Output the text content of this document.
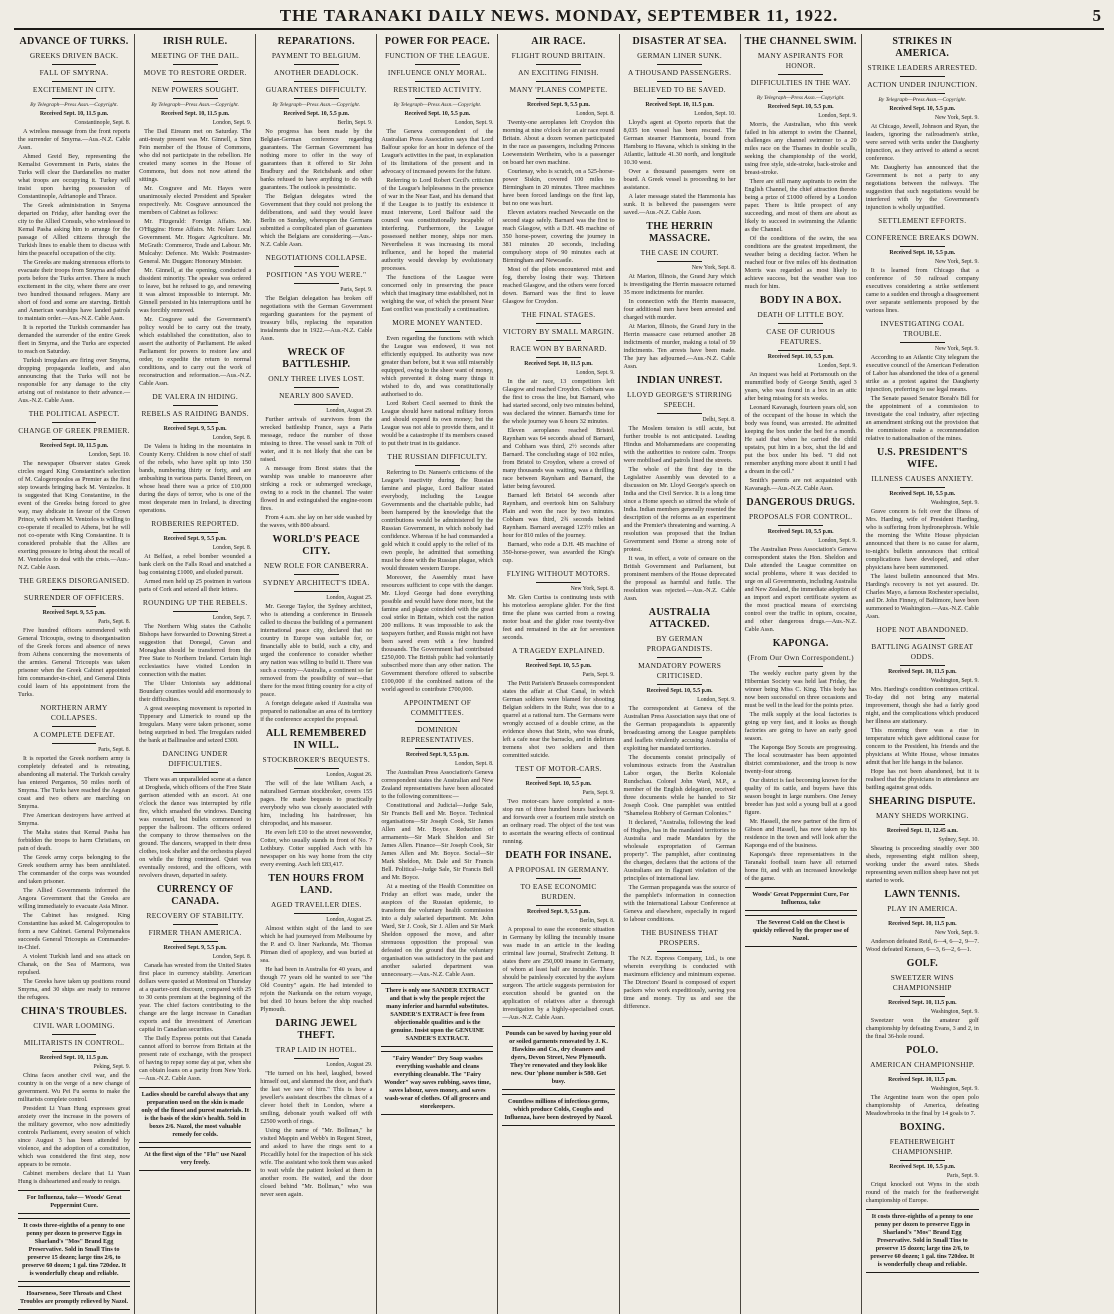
THE TARANAKI DAILY NEWS. MONDAY, SEPTEMBER 11, 1922.	5
ADVANCE OF TURKS.
GREEKS DRIVEN BACK.
FALL OF SMYRNA.
EXCITEMENT IN CITY.
By Telegraph—Press Assn.—Copyright.
Received Sept. 10, 11.5 p.m.
Constantinople, Sept. 8.

A wireless message from the front reports the surrender of Smyrna.—Aus.-N.Z. Cable Assn.

Ahmed Greid Bey, representing the Kemalist Government in Paris, states the Turks will clear the Dardanelles no matter what troops are occupying it. Turkey will insist upon having possession of Constantinople, Adrianople and Thrace.

The Greek administration in Smyrna departed on Friday, after handing over the city to the Allied Consuls, who wirelessed to Kemal Pasha asking him to arrange for the passage of Allied citizens through the Turkish lines to enable them to discuss with him the peaceful occupation of the city.

The Greeks are making strenuous efforts to evacuate their troops from Smyrna and other ports before the Turks arrive. There is much excitement in the city, where there are over two hundred thousand refugees. Many are short of food and some are starving. British and American warships have landed patrols to maintain order.—Aus.-N.Z. Cable Assn.

It is reported the Turkish commander has demanded the surrender of the entire Greek fleet in Smyrna, and the Turks are expected to reach on Saturday.

Turkish irregulars are firing over Smyrna, dropping propaganda leaflets, and also announcing that the Turks will not be responsible for any damage to the city arising out of resistance to their advance.—Aus.-N.Z. Cable Assn.

THE POLITICAL ASPECT.
CHANGE OF GREEK PREMIER.
Received Sept. 10, 11.5 p.m.
London, Sept. 10.

The newspaper Observer states Greek circles regard King Constantine's selection of M. Calogeropoulos as Premier as the first step towards bringing back M. Venizelos. It is suggested that King Constantine, in the event of the Greeks being forced to give way, may abdicate in favour of the Crown Prince, with whom M. Venizelos is willing to co-operate if recalled to Athens, but he will not co-operate with King Constantine. It is considered probable that the Allies are exerting pressure to bring about the recall of M. Venizelos to deal with the crisis.—Aus.-N.Z. Cable Assn.

THE GREEKS DISORGANISED.
SURRENDER OF OFFICERS.
Received Sept. 9, 5.5 p.m.
Paris, Sept. 8.

Five hundred officers surrendered with General Tricoupis, owing to disorganisation of the Greek forces and absence of news from Athens concerning the movements of the armies. General Tricoupis was taken prisoner when the Greek Cabinet appointed him commander-in-chief, and General Dinis could learn of his appointment from the Turks.

NORTHERN ARMY COLLAPSES.
A COMPLETE DEFEAT.
Paris, Sept. 8.

It is reported the Greek northern army is completely defeated and is retreating, abandoning all material. The Turkish cavalry has entered Pergamos, 50 miles north of Smyrna. The Turks have reached the Aegean coast and two others are marching on Smyrna.

Five American destroyers have arrived at Smyrna.

The Malta states that Kemal Pasha has forbidden the troops to harm Christians, on pain of death.

The Greek army corps belonging to the Greek southern army has been annihilated. The commander of the corps was wounded and taken prisoner.

The Allied Governments informed the Angora Government that the Greeks are willing immediately to evacuate Asia Minor.

The Cabinet has resigned. King Constantine has asked M. Calogeropoulos to form a new Cabinet. General Polymenakos succeeds General Tricoupis as Commander-in-Chief.

A violent Turkish land and sea attack on Chanak, on the Sea of Marmora, was repulsed.

The Greeks have taken up positions round Smyrna, and 30 ships are ready to remove the refugees.

CHINA'S TROUBLES.
CIVIL WAR LOOMING.
MILITARISTS IN CONTROL.
Received Sept. 10, 11.5 p.m.
Peking, Sept. 9.

China faces another civil war, and the country is on the verge of a new change of government. Wu Pei Fu seems to make the militarists complete control.

President Li Yuan Hung expresses great anxiety over the increase in the powers of the military governor, who now admittedly controls Parliament, every session of which since August 3 has been attended by violence, and the adoption of a constitution, which was considered the first step, now appears to be remote.

Cabinet members declare that Li Yuan Hung is disheartened and ready to resign.

For Influenza, take— Woods' Great Peppermint Cure.
It costs three-eighths of a penny to one penny per dozen to preserve Eggs in Sharland's "Mos" Brand Egg Preservative. Sold in Small Tins to preserve 15 dozen; large tins 2/6, to preserve 60 dozen; 1 gal. tins 720doz. It is wonderfully cheap and reliable.
Hoarseness, Sore Throats and Chest Troubles are promptly relieved by Nazol.
IRISH RULE.
MEETING OF THE DAIL.
MOVE TO RESTORE ORDER.
NEW POWERS SOUGHT.
By Telegraph—Press Assn.—Copyright.
Received Sept. 10, 11.5 p.m.
London, Sept. 9.

The Dail Eireann met on Saturday. The anti-treaty present was Mr. Ginnell, a Sinn Fein member of the House of Commons, who did not participate in the rebellion. He created many scenes in the House of Commons, but does not now attend the sittings.

Mr. Cosgrave and Mr. Hayes were unanimously elected President and Speaker respectively. Mr. Cosgrave announced the members of Cabinet as follows:

Mr. Fitzgerald: Foreign Affairs. Mr. O'Higgins: Home Affairs. Mr. Nolan: Local Government. Mr. Hogan: Agriculture. Mr. McGrath: Commerce, Trade and Labour. Mr. Mulcahy: Defence. Mr. Walsh: Postmaster-General. Mr. Duggan: Honorary Minister.

Mr. Ginnell, at the opening, conducted a dissident minority. The speaker was ordered to leave, but he refused to go, and renewing it was almost impossible to interrupt. Mr. Ginnell persisted in his interruptions until he was forcibly removed.

Mr. Cosgrave said the Government's policy would be to carry out the treaty, which established the constitution, also to assert the authority of Parliament. He asked Parliament for powers to restore law and order, to expedite the return to normal conditions, and to carry out the work of reconstruction and reformation.—Aus.-N.Z. Cable Assn.

DE VALERA IN HIDING.
REBELS AS RAIDING BANDS.
Received Sept. 9, 5.5 p.m.
London, Sept. 8.

De Valera is hiding in the mountains in County Kerry. Children is now chief of staff of the rebels, who have split up into 150 bands, numbering thirty or forty, and are ambushing in various parts. Daniel Breen, on whose head there was a price of £10,000 during the days of terror, who is one of the most desperate men in Ireland, is directing operations.

ROBBERIES REPORTED.
Received Sept. 9, 5.5 p.m.
London, Sept. 8.

At Belfast, a rebel bomber wounded a bank clerk on the Falls Road and snatched a bag containing £1000, and eluded pursuit.

Armed men held up 25 postmen in various parts of Cork and seized all their letters.

ROUNDING UP THE REBELS.
London, Sept. 7.

The Northern Whig states the Catholic Bishops have forwarded to Downing Street a suggestion that Donegal, Cavan and Monaghan should be transferred from the Free State to Northern Ireland. Certain high ecclesiastics have visited London in connection with the matter.

The Ulster Unionists say additional Boundary counties would add enormously to their difficulties.

A great sweeping movement is reported in Tipperary and Limerick to round up the Irregulars. Many were taken prisoner, some being surprised in bed. The Irregulars raided the bank at Ballinasloe and seized £300.

DANCING UNDER DIFFICULTIES.

There was an unparalleled scene at a dance at Drogheda, which officers of the Free State garrison attended with an escort. At one o'clock the dance was interrupted by rifle fire, which smashed the windows. Dancing was resumed, but bullets commenced to pepper the ballroom. The officers ordered the company to throw themselves on the ground. The dancers, wrapped in their dress clothes, took shelter and the orchestra played on while the firing continued. Quiet was eventually restored, and the officers, with revolvers drawn, departed in safety.

CURRENCY OF CANADA.
RECOVERY OF STABILITY.
FIRMER THAN AMERICA.
Received Sept. 9, 5.5 p.m.
London, Sept. 8.

Canada has wrested from the United States first place in currency stability. American dollars were quoted at Montreal on Thursday at a quarter-cent discount, compared with 25 to 30 cents premium at the beginning of the year. The chief factors contributing to the change are the large increase in Canadian exports and the investment of American capital in Canadian securities.

The Daily Express points out that Canada cannot afford to borrow from Britain at the present rate of exchange, with the prospect of having to repay some day at par, when she can obtain loans on a parity from New York.—Aus.-N.Z. Cable Assn.

Ladies should be careful always that any preparation used on the skin is made only of the finest and purest materials. It is the basis of the skin's health. Sold in boxes 2/6. Nazol, the most valuable remedy for colds.
At the first sign of the "Flu" use Nazol very freely.
REPARATIONS.
PAYMENT TO BELGIUM.
ANOTHER DEADLOCK.
GUARANTEES DIFFICULTY.
By Telegraph—Press Assn.—Copyright.
Received Sept. 10, 5.5 p.m.
Berlin, Sept. 9.

No progress has been made by the Belgian-German conference regarding guarantees. The German Government has nothing more to offer in the way of guarantees than it offered to Sir John Bradbury and the Reichsbank and other banks refused to have anything to do with guarantees. The outlook is pessimistic.

The Belgian delegates wired the Government that they could not prolong the deliberations, and said they would leave Berlin on Sunday, whereupon the Germans submitted a complicated plan of guarantees which the Belgians are considering.—Aus.-N.Z. Cable Assn.

NEGOTIATIONS COLLAPSE.
POSITION "AS YOU WERE."
Paris, Sept. 9.

The Belgian delegation has broken off negotiations with the German Government regarding guarantees for the payment of treasury bills, replacing the reparation instalments due in 1922.—Aus.-N.Z. Cable Assn.

WRECK OF BATTLESHIP.
ONLY THREE LIVES LOST.
NEARLY 800 SAVED.
London, August 29.

Further arrivals of survivors from the wrecked battleship France, says a Paris message, reduce the number of those missing to three. The vessel sank in 70ft of water, and it is not likely that she can be raised.

A message from Brest states that the warship was unable to manoeuvre after striking a rock or submerged wreckage, owing to a rock in the channel. The water flowed in and extinguished the engine-room fires.

From 4 a.m. she lay on her side washed by the waves, with 800 aboard.

WORLD'S PEACE CITY.
NEW ROLE FOR CANBERRA.
SYDNEY ARCHITECT'S IDEA.
London, August 25.

Mr. George Taylor, the Sydney architect, who is attending a conference in Brussels called to discuss the building of a permanent international peace city, declared that no country in Europe was suitable for, or financially able to build, such a city, and urged the conference to consider whether any nation was willing to build it. There was such a country—Australia, a continent so far removed from the possibility of war—that there for the most fitting country for a city of peace.

A foreign delegate asked if Australia was prepared to nationalise an area of its territory if the conference accepted the proposal.

ALL REMEMBERED IN WILL.
STOCKBROKER'S BEQUESTS.
London, August 26.

The will of the late William Asch, a naturalised German stockbroker, covers 155 pages. He made bequests to practically everybody who was closely associated with him, including his hairdresser, his chiropodist, and his masseur.

He even left £10 to the street newsvendor, Cotter, who usually stands in front of No. 7 Lothbury. Cotter supplied Asch with his newspaper on his way home from the city every evening. Asch left £83,417.

TEN HOURS FROM LAND.
AGED TRAVELLER DIES.
London, August 25.

Almost within sight of the land to see which he had journeyed from Melbourne by the P. and O. liner Narkunda, Mr. Thomas Pitman died of apoplexy, and was buried at sea.

He had been in Australia for 40 years, and though 77 years old he wanted to see "the Old Country" again. He had intended to rejoin the Narkunda on the return voyage, but died 10 hours before the ship reached Plymouth.

DARING JEWEL THEFT.
TRAP LAID IN HOTEL.
London, August 29.

"He turned on his heel, laughed, bowed himself out, and slammed the door, and that's the last we saw of him." This is how a jeweller's assistant describes the climax of a clever hotel theft in London, where a smiling, debonair youth walked off with £2500 worth of rings.

Using the name of "Mr. Bollman," he visited Mappin and Webb's in Regent Street, and asked to have the rings sent to a Piccadilly hotel for the inspection of his sick wife. The assistant who took them was asked to wait while the patient looked at them in another room. He waited, and the door closed behind "Mr. Bollman," who was never seen again.

POWER FOR PEACE.
FUNCTION OF THE LEAGUE.
INFLUENCE ONLY MORAL.
RESTRICTED ACTIVITY.
By Telegraph—Press Assn.—Copyright.
Received Sept. 10, 5.5 p.m.
London, Sept. 9.

The Geneva correspondent of the Australian Press Association says that Lord Balfour spoke for an hour in defence of the League's activities in the past, in explanation of its limitations of the present and in advocacy of increased powers for the future.

Referring to Lord Robert Cecil's criticism of the League's helplessness in the presence of war in the Near East, and his demand that if the League is to justify its existence it must intervene, Lord Balfour said the council was constitutionally incapable of interfering. Furthermore, the League possessed neither money, ships nor men. Nevertheless it was increasing its moral influence, and he hoped the material authority would develop by evolutionary processes.

The functions of the League were concerned only in preserving the peace which that imaginary time established, not in weighing the war, of which the present Near East conflict was practically a continuation.

MORE MONEY WANTED.

Even regarding the functions with which the League was endowed, it was not efficiently equipped. Its authority was now greater than before, but it was still miserably equipped, owing to the sheer want of money, which prevented it doing many things it wished to do, and was constitutionally authorised to do.

Lord Robert Cecil seemed to think the League should have national military forces and should expend its own money; but the League was not able to provide them, and it would be a catastrophe if its members ceased to put their trust in its guidance.

THE RUSSIAN DIFFICULTY.

Referring to Dr. Nansen's criticisms of the League's inactivity during the Russian famine and plague, Lord Balfour stated everybody, including the League Governments and the charitable public, had been hampered by the knowledge that the contributions would be administered by the Russian Government, in which nobody had confidence. Whereas if he had commanded a gold which it could apply to the relief of its own people, he admitted that something must be done with the Russian plague, which would threaten western Europe.

Moreover, the Assembly must have resources sufficient to cope with the danger. Mr. Lloyd George had done everything possible and would have done more, but the famine and plague coincided with the great coal strike in Britain, which cost the nation 200 millions. It was impossible to ask the taxpayers further, and Russia might not have been saved even with a few hundred thousands. The Government had contributed £250,000. The British public had voluntarily subscribed more than any other nation. The Government therefore offered to subscribe £100,000 if the combined nations of the world agreed to contribute £700,000.

APPOINTMENT OF COMMITTEES.
DOMINION REPRESENTATIVES.
Received Sept. 9, 5.5 p.m.
London, Sept. 8.

The Australian Press Association's Geneva correspondent states the Australian and New Zealand representatives have been allocated to the following committees:—

Constitutional and Judicial—Judge Sale, Sir Francis Bell and Mr. Boyce. Technical organisations—Sir Joseph Cook, Sir James Allen and Mr. Boyce. Reduction of armaments—Sir Mark Sheldon and Sir James Allen. Finance—Sir Joseph Cook, Sir James Allen and Mr. Boyce. Social—Sir Mark Sheldon, Mr. Dale and Sir Francis Bell. Political—Judge Sale, Sir Francis Bell and Mr. Boyce.

At a meeting of the Health Committee on Friday an effort was made, under the auspices of the Russian epidemic, to transform the voluntary health commission into a duly salaried department. Mr. John Ward, Sir J. Cook, Sir J. Allen and Sir Mark Sheldon opposed the move, and after strenuous opposition the proposal was defeated on the ground that the voluntary organisation was satisfactory in the past and another salaried department was unnecessary.—Aus.-N.Z. Cable Assn.

There is only one SANDER EXTRACT and that is why the people reject the many inferior and harmful substitutes. SANDER'S EXTRACT is free from objectionable qualities and is the genuine. Insist upon the GENUINE SANDER'S EXTRACT.
"Fairy Wonder" Dry Soap washes everything washable and cleans everything cleanable. The "Fairy Wonder" way saves rubbing, saves time, saves labour, saves money, and saves wash-wear of clothes. Of all grocers and storekeepers.
AIR RACE.
FLIGHT ROUND BRITAIN.
AN EXCITING FINISH.
MANY 'PLANES COMPETE.
Received Sept. 9, 5.5 p.m.
London, Sept. 8.

Twenty-one aeroplanes left Croydon this morning at nine o'clock for an air race round Britain. About a dozen women participated in the race as passengers, including Princess Loewenstein Wertheim, who is a passenger on board her own machine.

Courtenay, who is scratch, on a 525-horse-power Siskin, covered 100 miles to Birmingham in 20 minutes. Three machines have been forced landings on the first lap, but no one was hurt.

Eleven aviators reached Newcastle on the second stage safely. Barnard was the first to reach Glasgow, with a D.H. 4B machine of 350 horse-power, covering the journey in 381 minutes 20 seconds, including compulsory stops of 90 minutes each at Birmingham and Newcastle.

Most of the pilots encountered mist and fog, thereby losing their way. Thirteen reached Glasgow, and the others were forced down. Barnard was the first to leave Glasgow for Croydon.

THE FINAL STAGES.
VICTORY BY SMALL MARGIN.
RACE WON BY BARNARD.
Received Sept. 10, 11.5 p.m.
London, Sept. 9.

In the air race, 13 competitors left Glasgow and reached Croydon. Cobham was the first to cross the line, but Barnard, who had started second, only two minutes behind, was declared the winner. Barnard's time for the whole journey was 6 hours 32 minutes.

Eleven aeroplanes reached Bristol. Raynham was 64 seconds ahead of Barnard, and Cobham was third, 2½ seconds after Barnard. The concluding stage of 102 miles, from Bristol to Croydon, where a crowd of many thousands was waiting, was a thrilling race between Raynham and Barnard, the latter being favoured.

Barnard left Bristol 64 seconds after Raynham, and overtook him on Salisbury Plain and won the race by two minutes. Cobham was third, 2¾ seconds behind Raynham. Barnard averaged 123½ miles an hour for 810 miles of the journey.

Barnard, who rode a D.H. 4B machine of 350-horse-power, was awarded the King's cup.

FLYING WITHOUT MOTORS.
New York, Sept. 8.

Mr. Glen Curtiss is continuing tests with his motorless aeroplane glider. For the first time the plane was carried from a rowing motor boat and the glider rose twenty-five feet and remained in the air for seventeen seconds.

A TRAGEDY EXPLAINED.
Received Sept. 10, 5.5 p.m.
Paris, Sept. 9.

The Petit Parisien's Brussels correspondent states the affair at Chat Canal, in which German soldiers were blamed for shooting Belgian soldiers in the Ruhr, was due to a quarrel at a rational turn. The Germans were wrongly accused of a double crime, as the evidence shows that Stein, who was drunk, left a cafe near the barracks, and in delirium tremens shot two soldiers and then committed suicide.

TEST OF MOTOR-CARS.
Received Sept. 10, 5.5 p.m.
Paris, Sept. 9.

Two motor-cars have completed a non-stop run of three hundred hours backwards and forwards over a fourteen mile stretch on an ordinary road. The object of the test was to ascertain the wearing effects of continual running.

DEATH FOR INSANE.
A PROPOSAL IN GERMANY.
TO EASE ECONOMIC BURDEN.
Received Sept. 9, 5.5 p.m.
Berlin, Sept. 8.

A proposal to ease the economic situation in Germany by killing the incurably insane was made in an article in the leading criminal law journal, Strafrecht Zeitung. It states there are 250,000 insane in Germany, of whom at least half are incurable. These should be painlessly executed by the asylum surgeon. The article suggests permission for execution should be granted on the application of relatives after a thorough investigation by a highly-specialised court.—Aus.-N.Z. Cable Assn.

Pounds can be saved by having your old or soiled garments renovated by J. K. Hawkins and Co., dry cleaners and dyers, Devon Street, New Plymouth. They're renovated and they look like new. Our 'phone number is 580. Get busy.
Countless millions of infectious germs, which produce Colds, Coughs and Influenza, have been destroyed by Nazol.
DISASTER AT SEA.
GERMAN LINER SUNK.
A THOUSAND PASSENGERS.
BELIEVED TO BE SAVED.
Received Sept. 10, 11.5 p.m.
London, Sept. 10.

Lloyd's agent at Oporto reports that the 8,035 ton vessel has been rescued. The German steamer Hammonia, bound from Hamburg to Havana, which is sinking in the Atlantic, latitude 41.30 north, and longitude 10.30 west.

Over a thousand passengers were on board. A Greek vessel is proceeding to her assistance.

A later message stated the Hammonia has sunk. It is believed the passengers were saved.—Aus.-N.Z. Cable Assn.

THE HERRIN MASSACRE.
THE CASE IN COURT.
New York, Sept. 8.

At Marion, Illinois, the Grand Jury which is investigating the Herrin massacre returned 35 more indictments for murder.

In connection with the Herrin massacre, four additional men have been arrested and charged with murder.

At Marion, Illinois, the Grand Jury in the Herrin massacre case returned another 28 indictments of murder, making a total of 59 indictments. Ten arrests have been made. The jury has adjourned.—Aus.-N.Z. Cable Assn.

INDIAN UNREST.
LLOYD GEORGE'S STIRRING SPEECH.
Delhi, Sept. 8.

The Moslem tension is still acute, but further trouble is not anticipated. Leading Hindus and Mohammedans are cooperating with the authorities to restore calm. Troops were mobilised and patrols lined the streets.

The whole of the first day in the Legislative Assembly was devoted to a discussion on Mr. Lloyd George's speech on India and the Civil Service. It is a long time since a Home speech so stirred the whole of India. Indian members generally resented the description of the reforms as an experiment and the Premier's threatening and warning. A resolution was proposed that the Indian Government send Home a strong note of protest.

It was, in effect, a vote of censure on the British Government and Parliament, but prominent members of the House deprecated the proposal as harmful and futile. The resolution was rejected.—Aus.-N.Z. Cable Assn.

AUSTRALIA ATTACKED.
BY GERMAN PROPAGANDISTS.
MANDATORY POWERS CRITICISED.
Received Sept. 10, 5.5 p.m.
London, Sept. 9.

The correspondent at Geneva of the Australian Press Association says that one of the German propagandists is apparently broadcasting among the League pamphlets and leaflets virulently accusing Australia of exploiting her mandated territories.

The documents consist principally of voluminous extracts from the Australian Labor organ, the Berlin Koloniale Rundschau. Colonel John Ward, M.P., a member of the English delegation, received three documents while he handed to Sir Joseph Cook. One pamphlet was entitled "Shameless Robbery of German Colonies."

It declared, "Australia, following the lead of Hughes, has in the mandated territories to Australia and made Mandates by the wholesale expropriation of German property". The pamphlet, after continuing the charges, declares that the actions of the Australians are in flagrant violation of the principles of international law.

The German propaganda was the source of the pamphlet's information in connection with the International Labour Conference at Geneva and elsewhere, especially in regard to labour conditions.

THE BUSINESS THAT PROSPERS.

The N.Z. Express Company, Ltd., is one wherein everything is conducted with maximum efficiency and minimum expense. The Directors' Board is composed of expert packers who work expeditiously, saving you time and money. Try us and see the difference.

THE CHANNEL SWIM.
MANY ASPIRANTS FOR HONOR.
DIFFICULTIES IN THE WAY.
By Telegraph—Press Assn.—Copyright.
Received Sept. 10, 5.5 p.m.
London, Sept. 9.

Morris, the Australian, who this week failed in his attempt to swim the Channel, challenges any channel swimmer to a 20 miles race on the Thames in double sculls, seeking the championship of the world, using free style, side-stroke, back-stroke and breast-stroke.

There are still many aspirants to swim the English Channel, the chief attraction thereto being a prize of £1000 offered by a London paper. There is little prospect of any succeeding, and most of them are about as likely to succeed in swimming the Atlantic as the Channel.

Of the conditions of the swim, the sea conditions are the greatest impediment, the weather being a deciding factor. When he reached four or five miles off his destination Morris was regarded as most likely to achieve success, but the weather was too much for him.

BODY IN A BOX.
DEATH OF LITTLE BOY.
CASE OF CURIOUS FEATURES.
Received Sept. 10, 5.5 p.m.
London, Sept. 9.

An inquest was held at Portsmouth on the mummified body of George Smith, aged 3 years, who was found in a box in an attic after being missing for six weeks.

Leonard Kavanagh, fourteen years old, son of the occupant of the house in which the body was found, was arrested. He admitted keeping the box under the bed for a month. He said that when he carried the child upstairs, put him in a box, shut the lid and put the box under his bed. "I did not remember anything more about it until I had a dream in the cell."

Smith's parents are not acquainted with Kavanagh.—Aus.-N.Z. Cable Assn.

DANGEROUS DRUGS.
PROPOSALS FOR CONTROL.
Received Sept. 10, 5.5 p.m.
London, Sept. 9.

The Australian Press Association's Geneva correspondent states the Hon. Sheldon and Dale attended the League committee on social problems, where it was decided to urge on all Governments, including Australia and New Zealand, the immediate adoption of an import and export certificate system as the most practical means of exercising control over the traffic in opium, cocaine, and other dangerous drugs.—Aus.-N.Z. Cable Assn.

KAPONGA.
(From Our Own Correspondent.)

The weekly euchre party given by the Hibernian Society was held last Friday, the winner being Miss C. King. This body has now been successful on three occasions and must be well in the lead for the points prize.

The milk supply at the local factories is going up very fast, and it looks as though factories are going to have an early good season.

The Kaponga Boy Scouts are progressing. The local scoutmaster has been appointed district commissioner, and the troop is now twenty-four strong.

Our district is fast becoming known for the quality of its cattle, and buyers have this season bought in large numbers. One Jersey breeder has just sold a young bull at a good figure.

Mr. Hassell, the new partner of the firm of Gibson and Hassell, has now taken up his residence in the town and will look after the Kaponga end of the business.

Kaponga's three representatives in the Taranaki football team have all returned home fit, and with an increased knowledge of the game.

Woods' Great Peppermint Cure, For Influenza, take
The Severest Cold on the Chest is quickly relieved by the proper use of Nazol.
STRIKES IN AMERICA.
STRIKE LEADERS ARRESTED.
ACTION UNDER INJUNCTION.
By Telegraph—Press Assn.—Copyright.
Received Sept. 10, 5.5 p.m.
New York, Sept. 9.

At Chicago, Jewell, Johnson and Ryan, the leaders, ignoring the railroadmen's strike, were served with writs under the Daugherty injunction, as they arrived to attend a secret conference.

Mr. Daugherty has announced that the Government is not a party to any negotiations between the railways. The suggestion that such negotiations would be interfered with by the Government's injunction is wholly unjustified.

SETTLEMENT EFFORTS.
CONFERENCE BREAKS DOWN.
Received Sept. 10, 5.5 p.m.
New York, Sept. 9.

It is learned from Chicago that a conference of 50 railroad company executives considering a strike settlement came to a sudden end through a disagreement over separate settlements proposed by the various lines.

INVESTIGATING COAL TROUBLE.
New York, Sept. 9.

According to an Atlantic City telegram the executive council of the American Federation of Labor has abandoned the idea of a general strike as a protest against the Daugherty injunction, preferring to use legal means.

The Senate passed Senator Borah's Bill for the appointment of a commission to investigate the coal industry, after rejecting an amendment striking out the provision that the commission make a recommendation relative to nationalisation of the mines.

U.S. PRESIDENT'S WIFE.
ILLNESS CAUSES ANXIETY.
Received Sept. 10, 5.5 p.m.
Washington, Sept. 9.

Grave concern is felt over the illness of Mrs. Harding, wife of President Harding, who is suffering from hydronephrosis. While the morning the White House physician announced that there is no cause for alarm, to-night's bulletin announces that critical complications have developed, and other physicians have been summoned.

The latest bulletin announced that Mrs. Harding's recovery is not yet assured. Dr. Charles Mayo, a famous Rochester specialist, and Dr. John Finney, of Baltimore, have been summoned to Washington.—Aus.-N.Z. Cable Assn.

HOPE NOT ABANDONED.
BATTLING AGAINST GREAT ODDS.
Received Sept. 10, 11.5 p.m.
Washington, Sept. 9.

Mrs. Harding's condition continues critical. To-day did not bring any material improvement, though she had a fairly good night, and the complications which produced her illness are stationary.

This morning there was a rise in temperature which gave additional cause for concern to the President, his friends and the physicians at White House, whose inmates admit that her life hangs in the balance.

Hope has not been abandoned, but it is realised that the physicians in attendance are battling against great odds.

SHEARING DISPUTE.
MANY SHEDS WORKING.
Received Sept. 11, 12.45 a.m.
Sydney, Sept. 10.

Shearing is proceeding steadily over 300 sheds, representing eight million sheep, working under the award rates. Sheds representing seven million sheep have not yet started to work.

LAWN TENNIS.
PLAY IN AMERICA.
Received Sept. 10, 11.5 p.m.
New York, Sept. 9.

Anderson defeated Reid, 6—4, 6—2, 9—7. Wood defeated Kenson, 6—3, 6—2, 6—1.

GOLF.
SWEETZER WINS CHAMPIONSHIP
Received Sept. 10, 11.5 p.m.
Washington, Sept. 9.

Sweetzer won the amateur golf championship by defeating Evans, 3 and 2, in the final 36-hole round.

POLO.
AMERICAN CHAMPIONSHIP.
Received Sept. 10, 11.5 p.m.
Washington, Sept. 9.

The Argentine team won the open polo championship of America, defeating Meadowbrooks in the final by 14 goals to 7.

BOXING.
FEATHERWEIGHT CHAMPIONSHIP.
Received Sept. 10, 5.5 p.m.
Paris, Sept. 9.

Criqui knocked out Wyns in the sixth round of the match for the featherweight championship of Europe.

It costs three-eighths of a penny to one penny per dozen to preserve Eggs in Sharland's "Mos" Brand Egg Preservative. Sold in Small Tins to preserve 15 dozen; large tins 2/6, to preserve 60 dozen; 1 gal. tins 720doz. It is wonderfully cheap and reliable.
